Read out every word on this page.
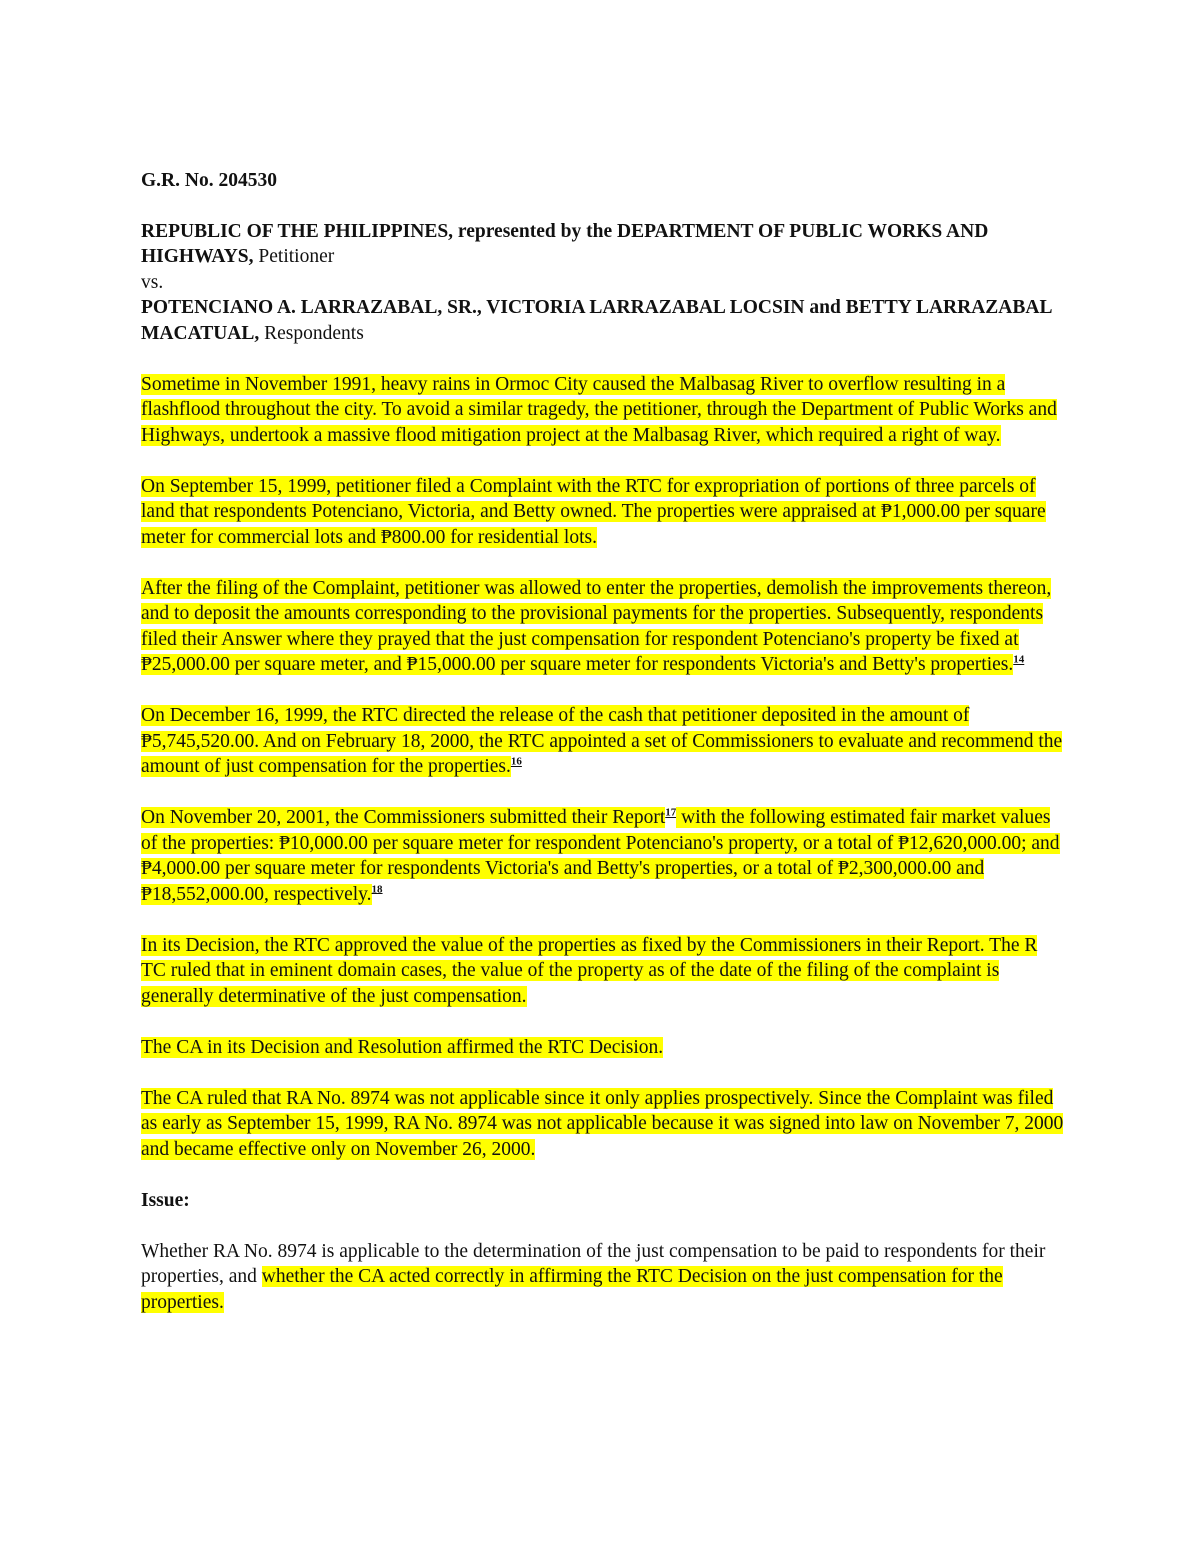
G.R. No. 204530
REPUBLIC OF THE PHILIPPINES, represented by the DEPARTMENT OF PUBLIC WORKS AND HIGHWAYS, Petitioner
vs.
POTENCIANO A. LARRAZABAL, SR., VICTORIA LARRAZABAL LOCSIN and BETTY LARRAZABAL MACATUAL, Respondents

Sometime in November 1991, heavy rains in Ormoc City caused the Malbasag River to overflow resulting in a flashflood throughout the city. To avoid a similar tragedy, the petitioner, through the Department of Public Works and Highways, undertook a massive flood mitigation project at the Malbasag River, which required a right of way.

On September 15, 1999, petitioner filed a Complaint with the RTC for expropriation of portions of three parcels of land that respondents Potenciano, Victoria, and Betty owned. The properties were appraised at ₱1,000.00 per square meter for commercial lots and ₱800.00 for residential lots.

After the filing of the Complaint, petitioner was allowed to enter the properties, demolish the improvements thereon, and to deposit the amounts corresponding to the provisional payments for the properties. Subsequently, respondents filed their Answer where they prayed that the just compensation for respondent Potenciano's property be fixed at ₱25,000.00 per square meter, and ₱15,000.00 per square meter for respondents Victoria's and Betty's properties.$^{14}$

On December 16, 1999, the RTC directed the release of the cash that petitioner deposited in the amount of ₱5,745,520.00. And on February 18, 2000, the RTC appointed a set of Commissioners to evaluate and recommend the amount of just compensation for the properties.$^{16}$

On November 20, 2001, the Commissioners submitted their Report$^{17}$ with the following estimated fair market values of the properties: ₱10,000.00 per square meter for respondent Potenciano's property, or a total of ₱12,620,000.00; and ₱4,000.00 per square meter for respondents Victoria's and Betty's properties, or a total of ₱2,300,000.00 and ₱18,552,000.00, respectively.$^{18}$

In its Decision, the RTC approved the value of the properties as fixed by the Commissioners in their Report. The R TC ruled that in eminent domain cases, the value of the property as of the date of the filing of the complaint is generally determinative of the just compensation.

The CA in its Decision and Resolution affirmed the RTC Decision.

The CA ruled that RA No. 8974 was not applicable since it only applies prospectively. Since the Complaint was filed as early as September 15, 1999, RA No. 8974 was not applicable because it was signed into law on November 7, 2000 and became effective only on November 26, 2000.

Issue:

Whether RA No. 8974 is applicable to the determination of the just compensation to be paid to respondents for their properties, and whether the CA acted correctly in affirming the RTC Decision on the just compensation for the properties.
